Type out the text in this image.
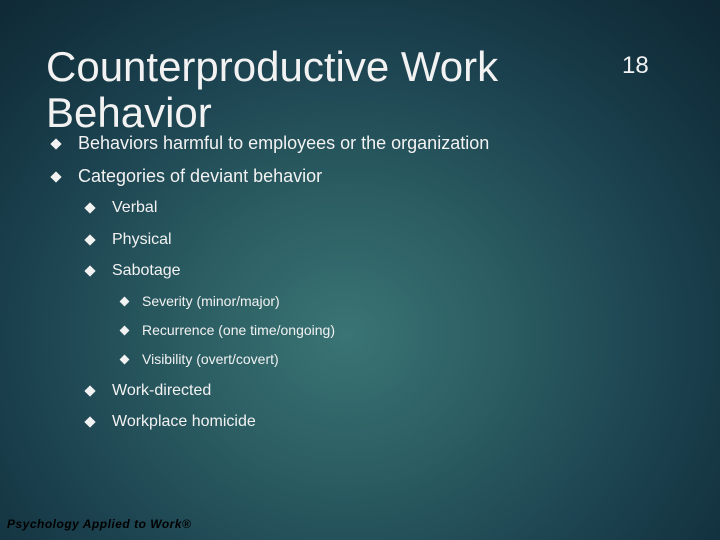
Counterproductive Work Behavior
18
Behaviors harmful to employees or the organization
Categories of deviant behavior
Verbal
Physical
Sabotage
Severity (minor/major)
Recurrence (one time/ongoing)
Visibility (overt/covert)
Work-directed
Workplace homicide
Psychology Applied to Work®
